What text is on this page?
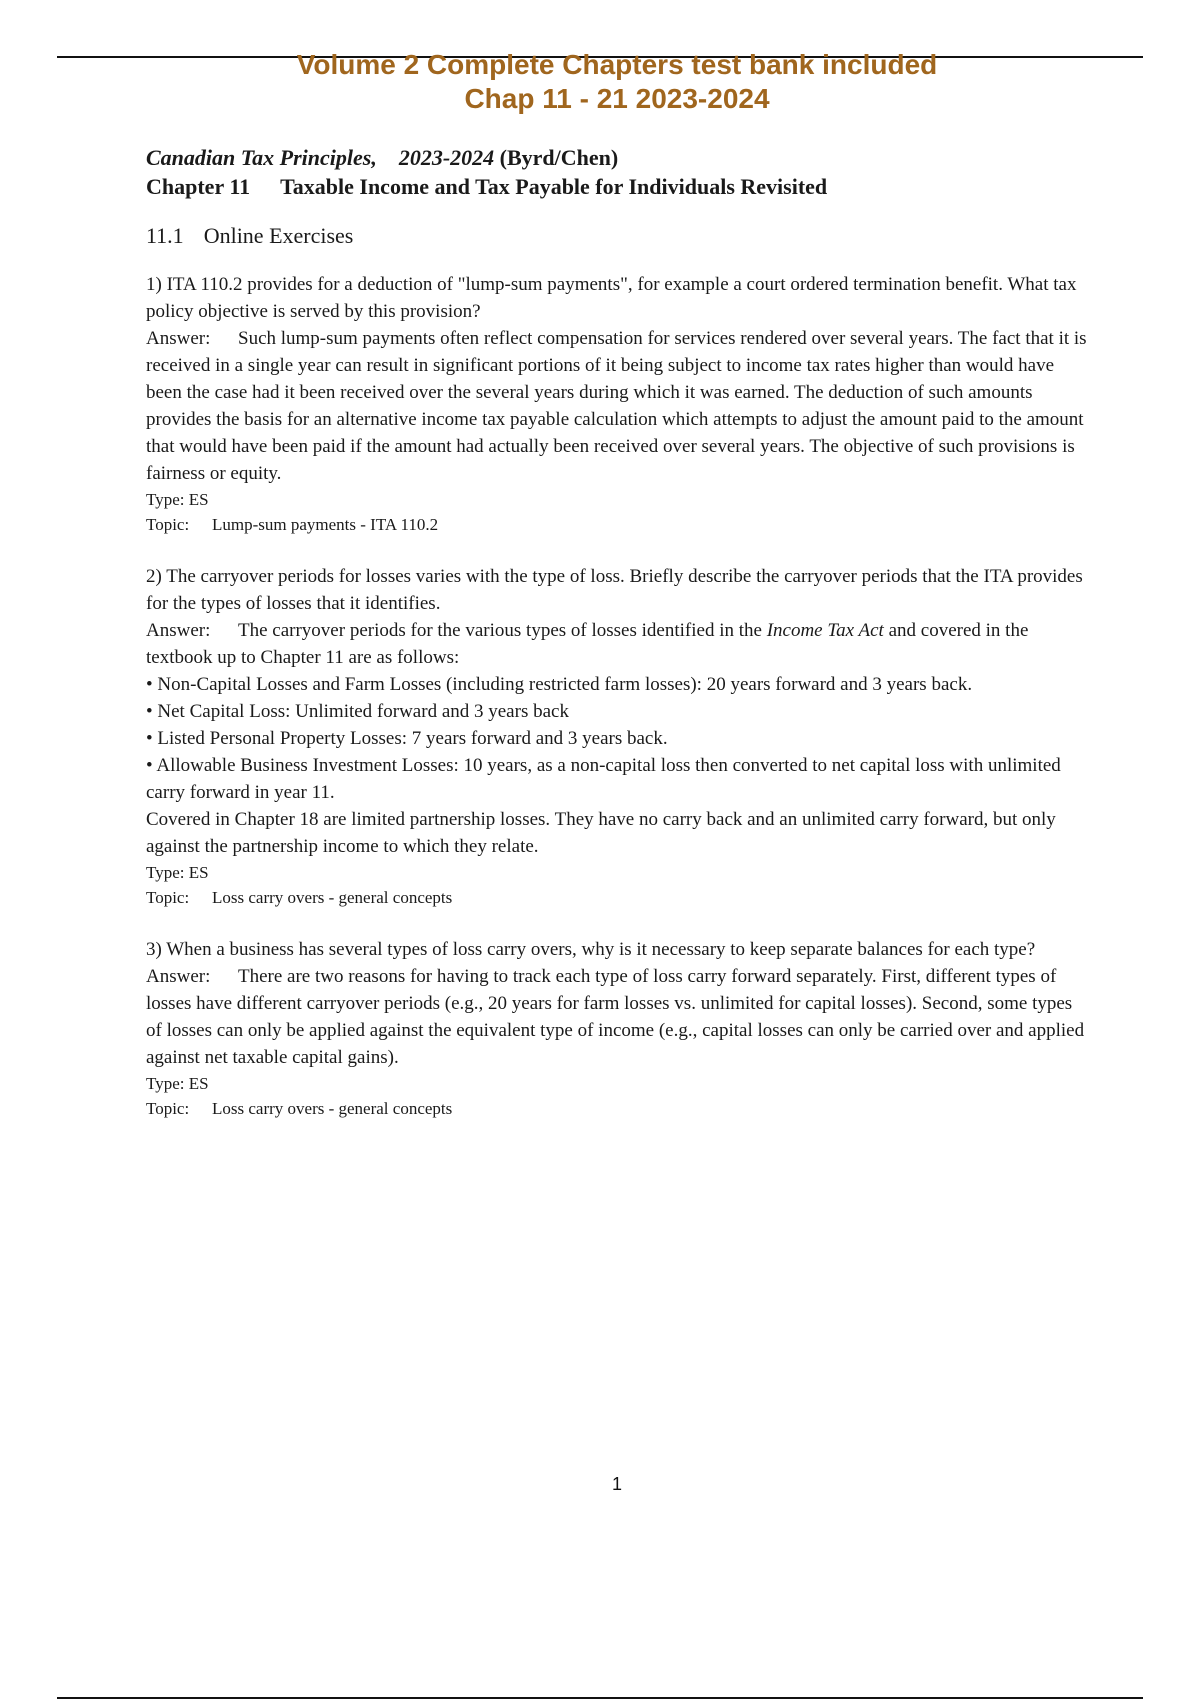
Volume 2 Complete Chapters test bank included
Chap 11 - 21 2023-2024

Canadian Tax Principles, 2023-2024 (Byrd/Chen)

Chapter 11 Taxable Income and Tax Payable for Individuals Revisited

11.1 Online Exercises

1) ITA 110.2 provides for a deduction of "lump-sum payments", for example a court ordered termination benefit. What tax policy objective is served by this provision?

Answer: Such lump-sum payments often reflect compensation for services rendered over several years. The fact that it is received in a single year can result in significant portions of it being subject to income tax rates higher than would have been the case had it been received over the several years during which it was earned. The deduction of such amounts provides the basis for an alternative income tax payable calculation which attempts to adjust the amount paid to the amount that would have been paid if the amount had actually been received over several years. The objective of such provisions is fairness or equity.

Type: ES

Topic: Lump-sum payments - ITA 110.2

2) The carryover periods for losses varies with the type of loss. Briefly describe the carryover periods that the ITA provides for the types of losses that it identifies.

Answer: The carryover periods for the various types of losses identified in the Income Tax Act and covered in the textbook up to Chapter 11 are as follows:

• Non-Capital Losses and Farm Losses (including restricted farm losses): 20 years forward and 3 years back.

• Net Capital Loss: Unlimited forward and 3 years back

• Listed Personal Property Losses: 7 years forward and 3 years back.

• Allowable Business Investment Losses: 10 years, as a non-capital loss then converted to net capital loss with unlimited carry forward in year 11.

Covered in Chapter 18 are limited partnership losses. They have no carry back and an unlimited carry forward, but only against the partnership income to which they relate.

Type: ES

Topic: Loss carry overs - general concepts

3) When a business has several types of loss carry overs, why is it necessary to keep separate balances for each type?

Answer: There are two reasons for having to track each type of loss carry forward separately. First, different types of losses have different carryover periods (e.g., 20 years for farm losses vs. unlimited for capital losses). Second, some types of losses can only be applied against the equivalent type of income (e.g., capital losses can only be carried over and applied against net taxable capital gains).

Type: ES

Topic: Loss carry overs - general concepts

1
